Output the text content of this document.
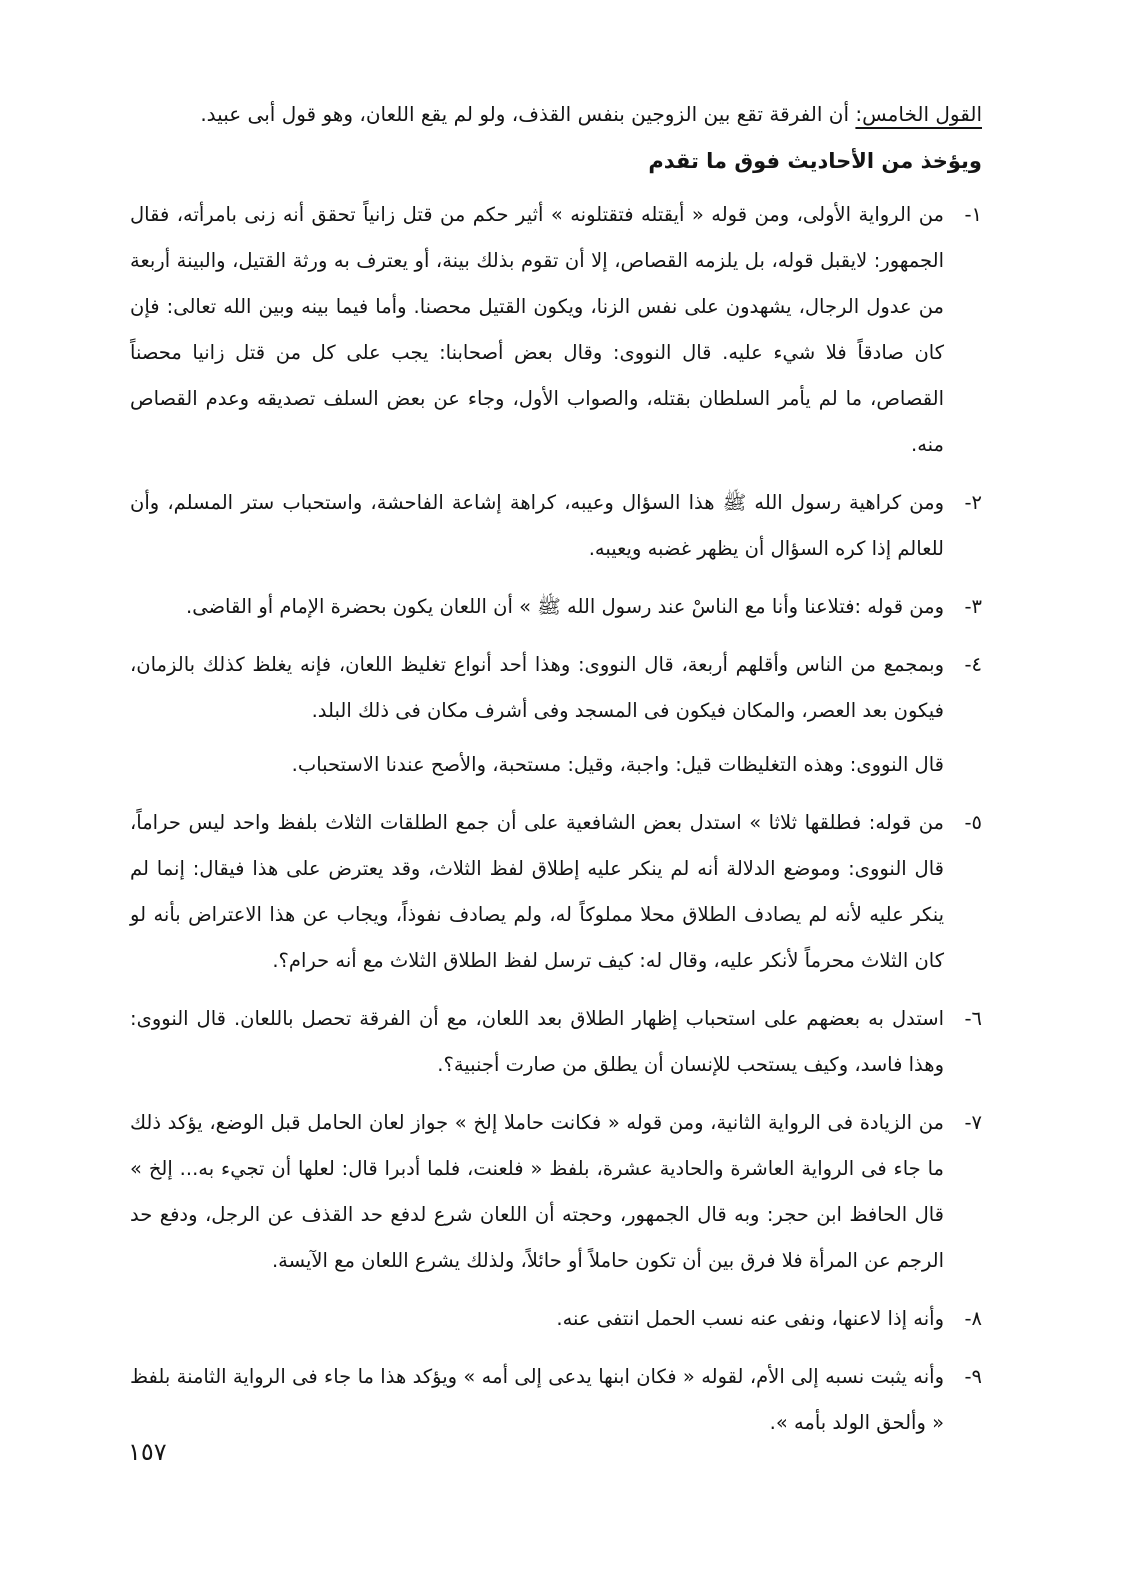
القول الخامس: أن الفرقة تقع بين الزوجين بنفس القذف، ولو لم يقع اللعان، وهو قول أبى عبيد.
ويؤخذ من الأحاديث فوق ما تقدم
١-
من الرواية الأولى، ومن قوله « أيقتله فتقتلونه » أثير حكم من قتل زانياً تحقق أنه زنى بامرأته، فقال الجمهور: لايقبل قوله، بل يلزمه القصاص، إلا أن تقوم بذلك بينة، أو يعترف به ورثة القتيل، والبينة أربعة من عدول الرجال، يشهدون على نفس الزنا، ويكون القتيل محصنا. وأما فيما بينه وبين الله تعالى: فإن كان صادقاً فلا شيء عليه. قال النووى: وقال بعض أصحابنا: يجب على كل من قتل زانيا محصناً القصاص، ما لم يأمر السلطان بقتله، والصواب الأول، وجاء عن بعض السلف تصديقه وعدم القصاص منه.
٢-
ومن كراهية رسول الله ﷺ هذا السؤال وعيبه، كراهة إشاعة الفاحشة، واستحباب ستر المسلم، وأن للعالم إذا كره السؤال أن يظهر غضبه ويعيبه.
٣-
ومن قوله :فتلاعنا وأنا مع الناسْ عند رسول الله ﷺ » أن اللعان يكون بحضرة الإمام أو القاضى.
٤-
وبمجمع من الناس وأقلهم أربعة، قال النووى: وهذا أحد أنواع تغليظ اللعان، فإنه يغلظ كذلك بالزمان، فيكون بعد العصر، والمكان فيكون فى المسجد وفى أشرف مكان فى ذلك البلد.
قال النووى: وهذه التغليظات قيل: واجبة، وقيل: مستحبة، والأصح عندنا الاستحباب.
٥-
من قوله: فطلقها ثلاثا » استدل بعض الشافعية على أن جمع الطلقات الثلاث بلفظ واحد ليس حراماً، قال النووى: وموضع الدلالة أنه لم ينكر عليه إطلاق لفظ الثلاث، وقد يعترض على هذا فيقال: إنما لم ينكر عليه لأنه لم يصادف الطلاق محلا مملوكاً له، ولم يصادف نفوذاً، ويجاب عن هذا الاعتراض بأنه لو كان الثلاث محرماً لأنكر عليه، وقال له: كيف ترسل لفظ الطلاق الثلاث مع أنه حرام؟.
٦-
استدل به بعضهم على استحباب إظهار الطلاق بعد اللعان، مع أن الفرقة تحصل باللعان. قال النووى: وهذا فاسد، وكيف يستحب للإنسان أن يطلق من صارت أجنبية؟.
٧-
من الزيادة فى الرواية الثانية، ومن قوله « فكانت حاملا إلخ » جواز لعان الحامل قبل الوضع، يؤكد ذلك ما جاء فى الرواية العاشرة والحادية عشرة، بلفظ « فلعنت، فلما أدبرا قال: لعلها أن تجيء به... إلخ » قال الحافظ ابن حجر: وبه قال الجمهور، وحجته أن اللعان شرع لدفع حد القذف عن الرجل، ودفع حد الرجم عن المرأة فلا فرق بين أن تكون حاملاً أو حائلاً، ولذلك يشرع اللعان مع الآيسة.
٨-
وأنه إذا لاعنها، ونفى عنه نسب الحمل انتفى عنه.
٩-
وأنه يثبت نسبه إلى الأم، لقوله « فكان ابنها يدعى إلى أمه » ويؤكد هذا ما جاء فى الرواية الثامنة بلفظ « وألحق الولد بأمه ».
١٥٧
